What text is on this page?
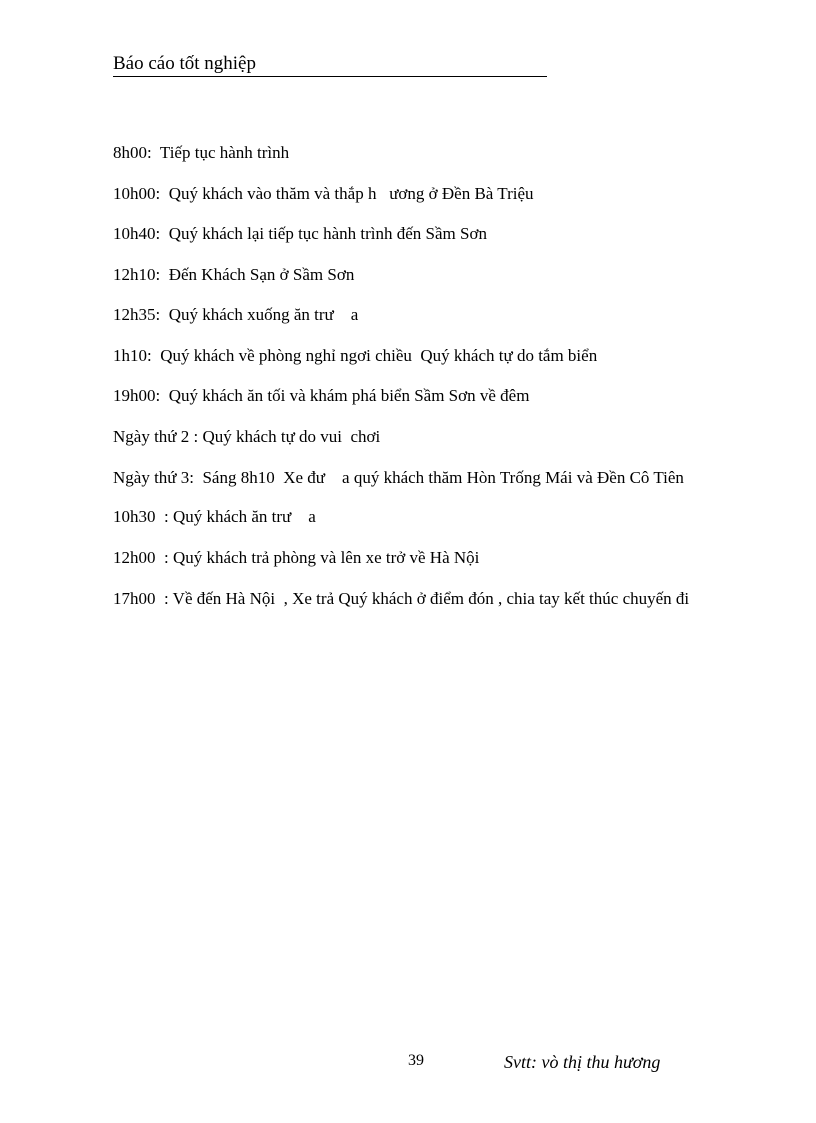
Báo cáo tốt nghiệp

8h00:  Tiếp tục hành trình

10h00:  Quý khách vào thăm và thắp h   ương ở Đền Bà Triệu

10h40:  Quý khách lại tiếp tục hành trình đến Sầm Sơn

12h10:  Đến Khách Sạn ở Sầm Sơn

12h35:  Quý khách xuống ăn trư    a

1h10:  Quý khách về phòng nghỉ ngơi chiều  Quý khách tự do tắm biển

19h00:  Quý khách ăn tối và khám phá biển Sầm Sơn về đêm

Ngày thứ 2 : Quý khách tự do vui  chơi

Ngày thứ 3:  Sáng 8h10  Xe đư    a quý khách thăm Hòn Trống Mái và Đền Cô Tiên

10h30  : Quý khách ăn trư    a

12h00  : Quý khách trả phòng và lên xe trở về Hà Nội

17h00  : Về đến Hà Nội  , Xe trả Quý khách ở điểm đón , chia tay kết thúc chuyến đi

39	Svtt: vò thị thu hương
